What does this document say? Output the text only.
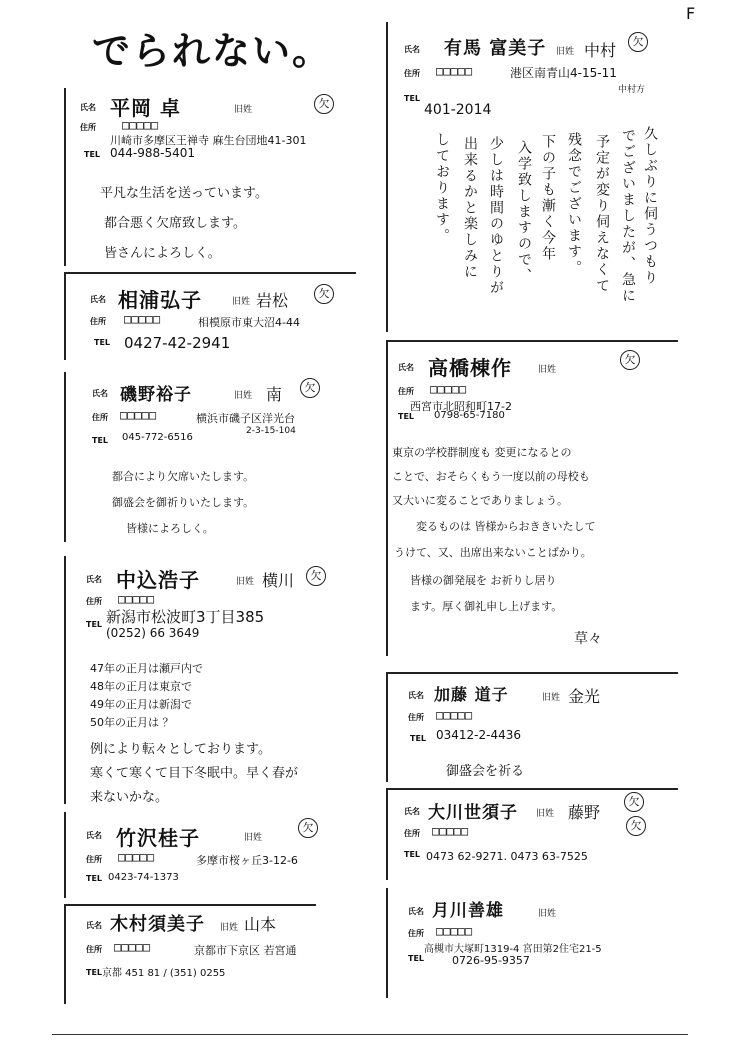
でられない。
F
氏名 平岡 卓	旧姓	欠
住所 □□□□□
川崎市多摩区王禅寺 麻生台団地41-301
TEL 044-988-5401
平凡な生活を送っています。
都合悪く欠席致します。
皆さんによろしく。
氏名 相浦弘子	旧姓 岩松	欠
住所 □□□□□	相模原市東大沼4-44
TEL 0427-42-2941
氏名 磯野裕子	旧姓 南	欠
住所 □□□□□	横浜市磯子区洋光台
2-3-15-104
TEL 045-772-6516
都合により欠席いたします。
御盛会を御祈りいたします。
皆様によろしく。
氏名 中込浩子	旧姓 横川	欠
住所 □□□□□
新潟市松波町3丁目385
TEL
(0252) 66 3649
47年の正月は瀬戸内で
48年の正月は東京で
49年の正月は新潟で
50年の正月は ？
例により転々としております。
寒くて寒くて目下冬眠中。早く春が
来ないかな。
氏名 竹沢桂子	旧姓
欠
住所 □□□□□	多摩市桜ヶ丘3-12-6
TEL 0423-74-1373
氏名 木村須美子 旧姓 山本
住所 □□□□□	京都市下京区 若宮通
TEL 京都 451 81 / (351) 0255
氏名 有馬 富美子 旧姓 中村	欠
住所 □□□□□	港区南青山4-15-11
中村方
TEL
401-2014
久しぶりに伺うつもり
でございましたが、急に
予定が変り伺えなくて
残念でございます。
下の子も漸く今年
入学致しますので、
少しは時間のゆとりが
出来るかと楽しみに
しております。
氏名 高橋棟作	旧姓
欠
住所 □□□□□
西宮市北昭和町17-2
TEL 0798-65-7180
東京の学校群制度も 変更になるとの
ことで、おそらくもう一度以前の母校も
又大いに変ることでありましょう。
変るものは 皆様からおききいたして
うけて、又、出席出来ないことばかり。
皆様の御発展を お祈りし居り
ます。厚く御礼申し上げます。
草々
氏名 加藤 道子	旧姓 金光
住所 □□□□□
TEL 03412-2-4436
御盛会を祈る
氏名 大川世須子 旧姓 藤野
欠
欠
住所 □□□□□
TEL 0473 62-9271. 0473 63-7525
氏名 月川善雄	旧姓
住所 □□□□□
高槻市大塚町1319-4 宮田第2住宅21-5
TEL	0726-95-9357
